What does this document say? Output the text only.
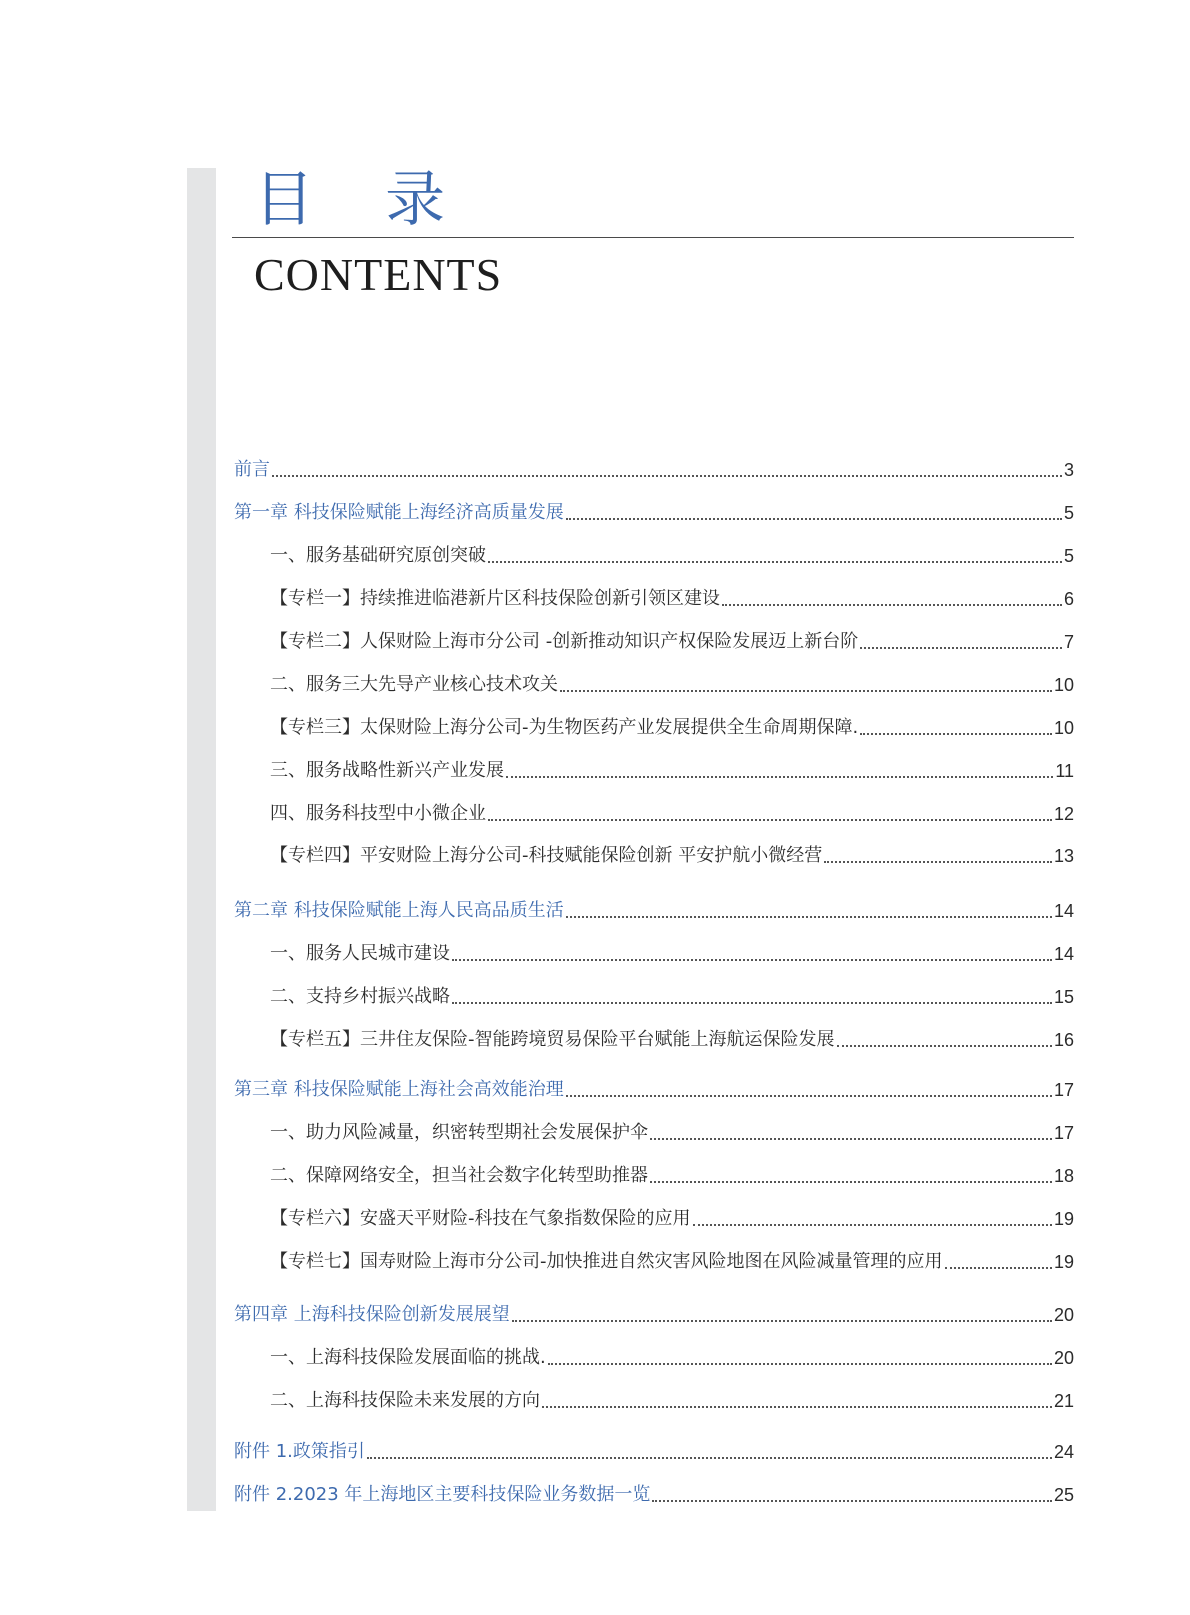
目 录
CONTENTS
前言	3
第一章 科技保险赋能上海经济高质量发展	5
一、服务基础研究原创突破	5
【专栏一】持续推进临港新片区科技保险创新引领区建设	6
【专栏二】人保财险上海市分公司 -创新推动知识产权保险发展迈上新台阶	7
二、服务三大先导产业核心技术攻关	10
【专栏三】太保财险上海分公司-为生物医药产业发展提供全生命周期保障.	10
三、服务战略性新兴产业发展	11
四、服务科技型中小微企业	12
【专栏四】平安财险上海分公司-科技赋能保险创新 平安护航小微经营	13
第二章 科技保险赋能上海人民高品质生活	14
一、服务人民城市建设	14
二、支持乡村振兴战略	15
【专栏五】三井住友保险-智能跨境贸易保险平台赋能上海航运保险发展	16
第三章 科技保险赋能上海社会高效能治理	17
一、助力风险减量，织密转型期社会发展保护伞	17
二、保障网络安全，担当社会数字化转型助推器	18
【专栏六】安盛天平财险-科技在气象指数保险的应用	19
【专栏七】国寿财险上海市分公司-加快推进自然灾害风险地图在风险减量管理的应用	19
第四章 上海科技保险创新发展展望	20
一、上海科技保险发展面临的挑战.	20
二、上海科技保险未来发展的方向	21
附件 1.政策指引	24
附件 2.2023 年上海地区主要科技保险业务数据一览	25
